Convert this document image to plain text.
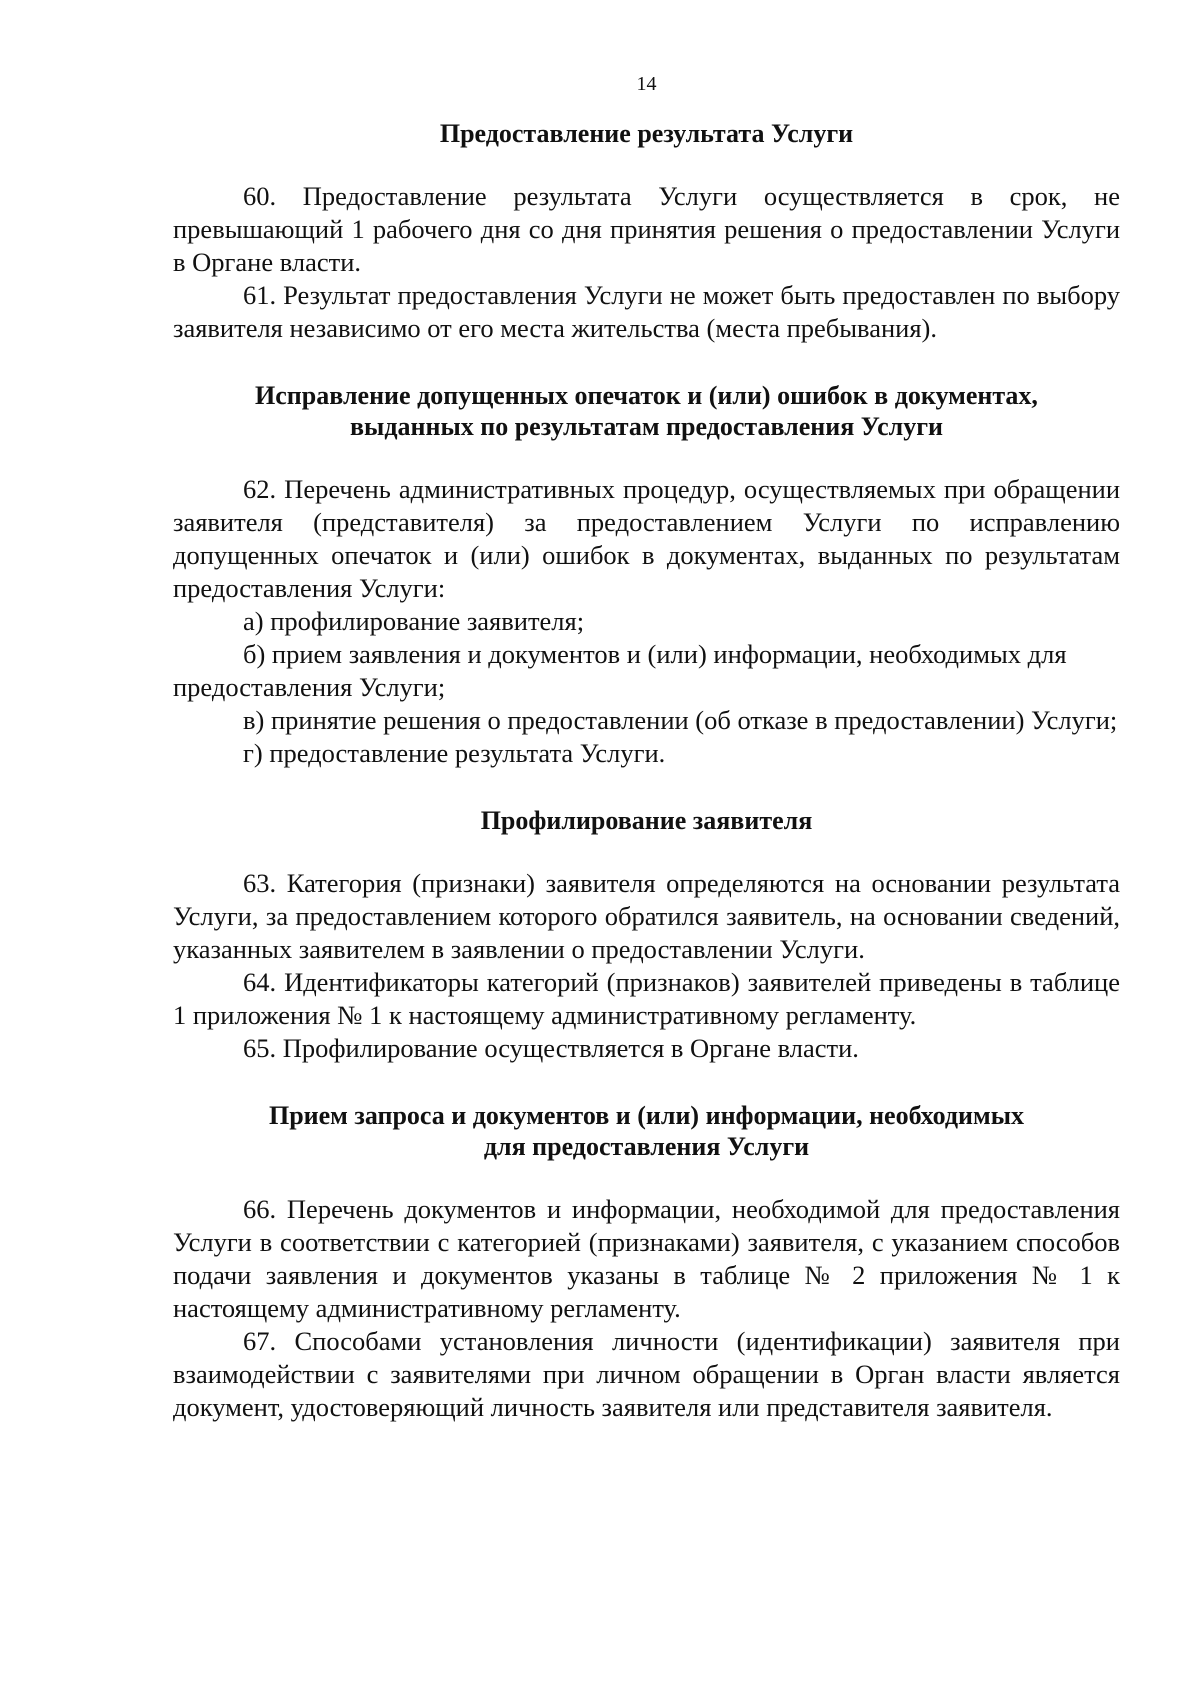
14
Предоставление результата Услуги

60. Предоставление результата Услуги осуществляется в срок, не превышающий 1 рабочего дня со дня принятия решения о предоставлении Услуги в Органе власти.

61. Результат предоставления Услуги не может быть предоставлен по выбору заявителя независимо от его места жительства (места пребывания).

Исправление допущенных опечаток и (или) ошибок в документах,
выданных по результатам предоставления Услуги

62. Перечень административных процедур, осуществляемых при обращении заявителя (представителя) за предоставлением Услуги по исправлению допущенных опечаток и (или) ошибок в документах, выданных по результатам предоставления Услуги:

а) профилирование заявителя;

б) прием заявления и документов и (или) информации, необходимых для предоставления Услуги;

в) принятие решения о предоставлении (об отказе в предоставлении) Услуги;

г) предоставление результата Услуги.

Профилирование заявителя

63. Категория (признаки) заявителя определяются на основании результата Услуги, за предоставлением которого обратился заявитель, на основании сведений, указанных заявителем в заявлении о предоставлении Услуги.

64. Идентификаторы категорий (признаков) заявителей приведены в таблице 1 приложения № 1 к настоящему административному регламенту.

65. Профилирование осуществляется в Органе власти.

Прием запроса и документов и (или) информации, необходимых
для предоставления Услуги

66. Перечень документов и информации, необходимой для предоставления Услуги в соответствии с категорией (признаками) заявителя, с указанием способов подачи заявления и документов указаны в таблице № 2 приложения № 1 к настоящему административному регламенту.

67. Способами установления личности (идентификации) заявителя при взаимодействии с заявителями при личном обращении в Орган власти является документ, удостоверяющий личность заявителя или представителя заявителя.
